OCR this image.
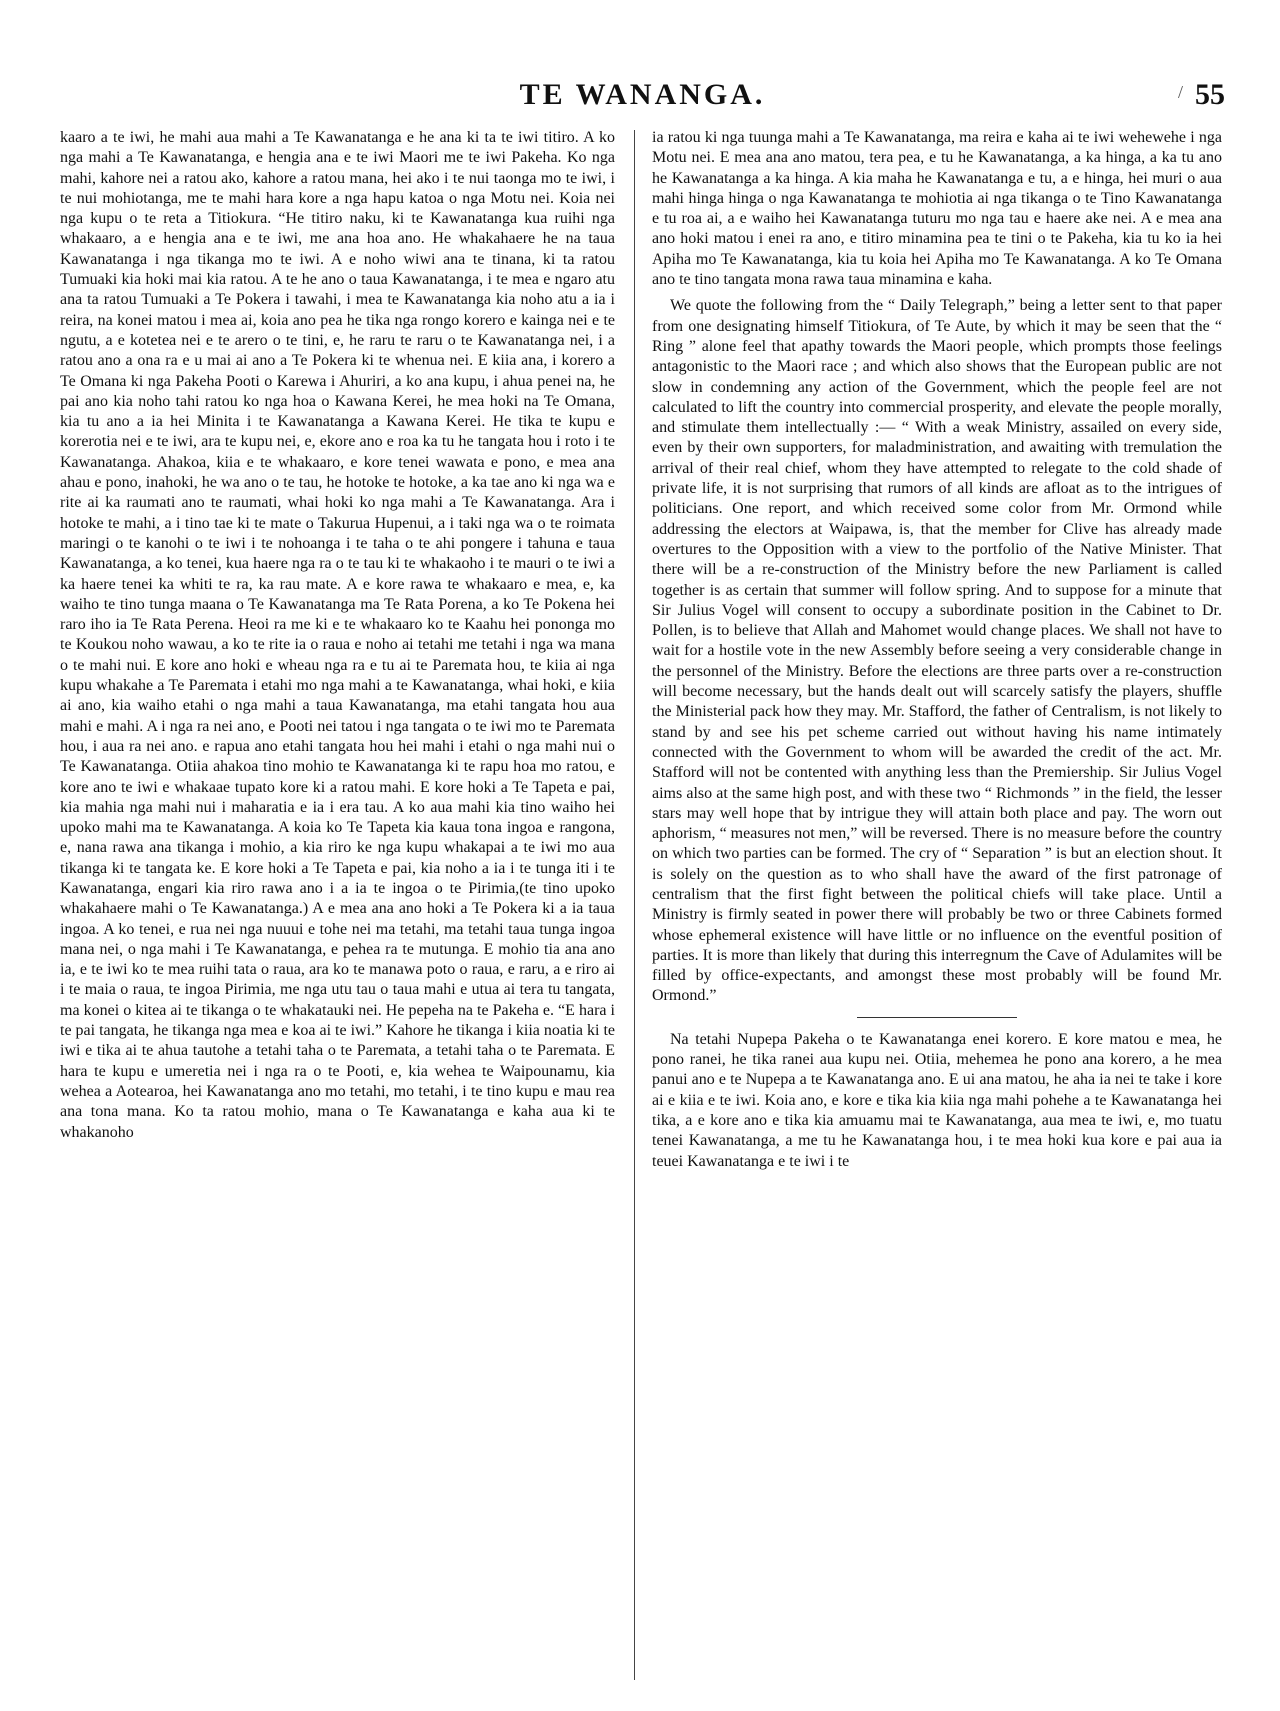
TE WANANGA.	/ 55

kaaro a te iwi, he mahi aua mahi a Te Kawanatanga e he ana ki ta te iwi titiro. A ko nga mahi a Te Kawanatanga, e hengia ana e te iwi Maori me te iwi Pakeha. Ko nga mahi, kahore nei a ratou ako, kahore a ratou mana, hei ako i te nui taonga mo te iwi, i te nui mohiotanga, me te mahi hara kore a nga hapu katoa o nga Motu nei. Koia nei nga kupu o te reta a Titiokura. “He titiro naku, ki te Kawanatanga kua ruihi nga whakaaro, a e hengia ana e te iwi, me ana hoa ano. He whakahaere he na taua Kawanatanga i nga tikanga mo te iwi. A e noho wiwi ana te tinana, ki ta ratou Tumuaki kia hoki mai kia ratou. A te he ano o taua Kawanatanga, i te mea e ngaro atu ana ta ratou Tumuaki a Te Pokera i tawahi, i mea te Kawanatanga kia noho atu a ia i reira, na konei matou i mea ai, koia ano pea he tika nga rongo korero e kainga nei e te ngutu, a e kotetea nei e te arero o te tini, e, he raru te raru o te Kawanatanga nei, i a ratou ano a ona ra e u mai ai ano a Te Pokera ki te whenua nei. E kiia ana, i korero a Te Omana ki nga Pakeha Pooti o Karewa i Ahuriri, a ko ana kupu, i ahua penei na, he pai ano kia noho tahi ratou ko nga hoa o Kawana Kerei, he mea hoki na Te Omana, kia tu ano a ia hei Minita i te Kawanatanga a Kawana Kerei. He tika te kupu e korerotia nei e te iwi, ara te kupu nei, e, ekore ano e roa ka tu he tangata hou i roto i te Kawanatanga. Ahakoa, kiia e te whakaaro, e kore tenei wawata e pono, e mea ana ahau e pono, inahoki, he wa ano o te tau, he hotoke te hotoke, a ka tae ano ki nga wa e rite ai ka raumati ano te raumati, whai hoki ko nga mahi a Te Kawanatanga. Ara i hotoke te mahi, a i tino tae ki te mate o Takurua Hupenui, a i taki nga wa o te roimata maringi o te kanohi o te iwi i te nohoanga i te taha o te ahi pongere i tahuna e taua Kawanatanga, a ko tenei, kua haere nga ra o te tau ki te whakaoho i te mauri o te iwi a ka haere tenei ka whiti te ra, ka rau mate. A e kore rawa te whakaaro e mea, e, ka waiho te tino tunga maana o Te Kawanatanga ma Te Rata Porena, a ko Te Pokena hei raro iho ia Te Rata Perena. Heoi ra me ki e te whakaaro ko te Kaahu hei pononga mo te Koukou noho wawau, a ko te rite ia o raua e noho ai tetahi me tetahi i nga wa mana o te mahi nui. E kore ano hoki e wheau nga ra e tu ai te Paremata hou, te kiia ai nga kupu whakahe a Te Paremata i etahi mo nga mahi a te Kawanatanga, whai hoki, e kiia ai ano, kia waiho etahi o nga mahi a taua Kawanatanga, ma etahi tangata hou aua mahi e mahi. A i nga ra nei ano, e Pooti nei tatou i nga tangata o te iwi mo te Paremata hou, i aua ra nei ano. e rapua ano etahi tangata hou hei mahi i etahi o nga mahi nui o Te Kawanatanga. Otiia ahakoa tino mohio te Kawanatanga ki te rapu hoa mo ratou, e kore ano te iwi e whakaae tupato kore ki a ratou mahi. E kore hoki a Te Tapeta e pai, kia mahia nga mahi nui i maharatia e ia i era tau. A ko aua mahi kia tino waiho hei upoko mahi ma te Kawanatanga. A koia ko Te Tapeta kia kaua tona ingoa e rangona, e, nana rawa ana tikanga i mohio, a kia riro ke nga kupu whakapai a te iwi mo aua tikanga ki te tangata ke. E kore hoki a Te Tapeta e pai, kia noho a ia i te tunga iti i te Kawanatanga, engari kia riro rawa ano i a ia te ingoa o te Pirimia,(te tino upoko whakahaere mahi o Te Kawanatanga.) A e mea ana ano hoki a Te Pokera ki a ia taua ingoa. A ko tenei, e rua nei nga nuuui e tohe nei ma tetahi, ma tetahi taua tunga ingoa mana nei, o nga mahi i Te Kawanatanga, e pehea ra te mutunga. E mohio tia ana ano ia, e te iwi ko te mea ruihi tata o raua, ara ko te manawa poto o raua, e raru, a e riro ai i te maia o raua, te ingoa Pirimia, me nga utu tau o taua mahi e utua ai tera tu tangata, ma konei o kitea ai te tikanga o te whakatauki nei. He pepeha na te Pakeha e. “E hara i te pai tangata, he tikanga nga mea e koa ai te iwi.” Kahore he tikanga i kiia noatia ki te iwi e tika ai te ahua tautohe a tetahi taha o te Paremata, a tetahi taha o te Paremata. E hara te kupu e umeretia nei i nga ra o te Pooti, e, kia wehea te Waipounamu, kia wehea a Aotearoa, hei Kawanatanga ano mo tetahi, mo tetahi, i te tino kupu e mau rea ana tona mana. Ko ta ratou mohio, mana o Te Kawanatanga e kaha aua ki te whakanoho

ia ratou ki nga tuunga mahi a Te Kawanatanga, ma reira e kaha ai te iwi wehewehe i nga Motu nei. E mea ana ano matou, tera pea, e tu he Kawanatanga, a ka hinga, a ka tu ano he Kawanatanga a ka hinga. A kia maha he Kawanatanga e tu, a e hinga, hei muri o aua mahi hinga hinga o nga Kawanatanga te mohiotia ai nga tikanga o te Tino Kawanatanga e tu roa ai, a e waiho hei Kawanatanga tuturu mo nga tau e haere ake nei. A e mea ana ano hoki matou i enei ra ano, e titiro minamina pea te tini o te Pakeha, kia tu ko ia hei Apiha mo Te Kawanatanga, kia tu koia hei Apiha mo Te Kawanatanga. A ko Te Omana ano te tino tangata mona rawa taua minamina e kaha.

We quote the following from the “ Daily Telegraph,” being a letter sent to that paper from one designating himself Titiokura, of Te Aute, by which it may be seen that the “ Ring ” alone feel that apathy towards the Maori people, which prompts those feelings antagonistic to the Maori race ; and which also shows that the European public are not slow in condemning any action of the Government, which the people feel are not calculated to lift the country into commercial prosperity, and elevate the people morally, and stimulate them intellectually :— “ With a weak Ministry, assailed on every side, even by their own supporters, for maladministration, and awaiting with tremulation the arrival of their real chief, whom they have attempted to relegate to the cold shade of private life, it is not surprising that rumors of all kinds are afloat as to the intrigues of politicians. One report, and which received some color from Mr. Ormond while addressing the electors at Waipawa, is, that the member for Clive has already made overtures to the Opposition with a view to the portfolio of the Native Minister. That there will be a re-construction of the Ministry before the new Parliament is called together is as certain that summer will follow spring. And to suppose for a minute that Sir Julius Vogel will consent to occupy a subordinate position in the Cabinet to Dr. Pollen, is to believe that Allah and Mahomet would change places. We shall not have to wait for a hostile vote in the new Assembly before seeing a very considerable change in the personnel of the Ministry. Before the elections are three parts over a re-construction will become necessary, but the hands dealt out will scarcely satisfy the players, shuffle the Ministerial pack how they may. Mr. Stafford, the father of Centralism, is not likely to stand by and see his pet scheme carried out without having his name intimately connected with the Government to whom will be awarded the credit of the act. Mr. Stafford will not be contented with anything less than the Premiership. Sir Julius Vogel aims also at the same high post, and with these two “ Richmonds ” in the field, the lesser stars may well hope that by intrigue they will attain both place and pay. The worn out aphorism, “ measures not men,” will be reversed. There is no measure before the country on which two parties can be formed. The cry of “ Separation ” is but an election shout. It is solely on the question as to who shall have the award of the first patronage of centralism that the first fight between the political chiefs will take place. Until a Ministry is firmly seated in power there will probably be two or three Cabinets formed whose ephemeral existence will have little or no influence on the eventful position of parties. It is more than likely that during this interregnum the Cave of Adulamites will be filled by office-expectants, and amongst these most probably will be found Mr. Ormond.”

Na tetahi Nupepa Pakeha o te Kawanatanga enei korero. E kore matou e mea, he pono ranei, he tika ranei aua kupu nei. Otiia, mehemea he pono ana korero, a he mea panui ano e te Nupepa a te Kawanatanga ano. E ui ana matou, he aha ia nei te take i kore ai e kiia e te iwi. Koia ano, e kore e tika kia kiia nga mahi pohehe a te Kawanatanga hei tika, a e kore ano e tika kia amuamu mai te Kawanatanga, aua mea te iwi, e, mo tuatu tenei Kawanatanga, a me tu he Kawanatanga hou, i te mea hoki kua kore e pai aua ia teuei Kawanatanga e te iwi i te
